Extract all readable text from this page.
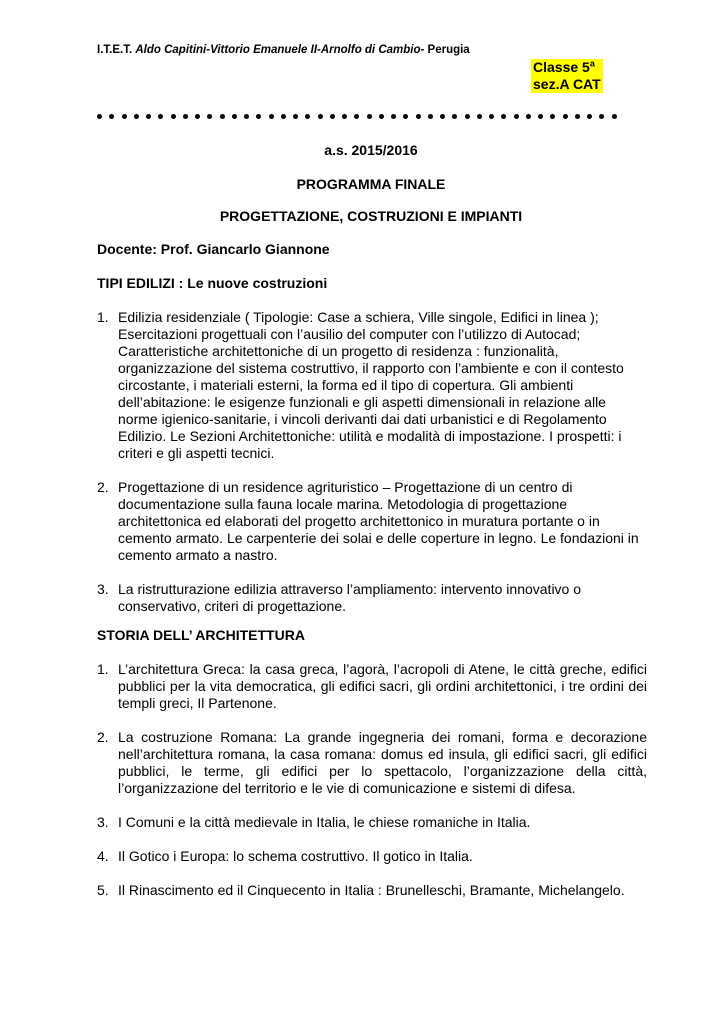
I.T.E.T. Aldo Capitini-Vittorio Emanuele II-Arnolfo di Cambio- Perugia
Classe 5$^a$
sez.A CAT
a.s. 2015/2016
PROGRAMMA FINALE
PROGETTAZIONE, COSTRUZIONI E IMPIANTI
Docente: Prof. Giancarlo Giannone
TIPI EDILIZI : Le nuove costruzioni
1. Edilizia residenziale ( Tipologie: Case a schiera, Ville singole, Edifici in linea ); Esercitazioni progettuali con l’ausilio del computer con l’utilizzo di Autocad; Caratteristiche architettoniche di un progetto di residenza : funzionalità, organizzazione del sistema costruttivo, il rapporto con l’ambiente e con il contesto circostante, i materiali esterni, la forma ed il tipo di copertura. Gli ambienti dell’abitazione: le esigenze funzionali e gli aspetti dimensionali in relazione alle norme igienico-sanitarie, i vincoli derivanti dai dati urbanistici e di Regolamento Edilizio. Le Sezioni Architettoniche: utilità e modalità di impostazione. I prospetti: i criteri e gli aspetti tecnici.
2. Progettazione di un residence agrituristico – Progettazione di un centro di documentazione sulla fauna locale marina. Metodologia di progettazione architettonica ed elaborati del progetto architettonico in muratura portante o in cemento armato. Le carpenterie dei solai e delle coperture in legno. Le fondazioni in cemento armato a nastro.
3. La ristrutturazione edilizia attraverso l’ampliamento: intervento innovativo o conservativo, criteri di progettazione.
STORIA DELL’ ARCHITETTURA
1. L’architettura Greca: la casa greca, l’agorà, l’acropoli di Atene, le città greche, edifici pubblici per la vita democratica, gli edifici sacri, gli ordini architettonici, i tre ordini dei templi greci, Il Partenone.
2. La costruzione Romana: La grande ingegneria dei romani, forma e decorazione nell’architettura romana, la casa romana: domus ed insula, gli edifici sacri, gli edifici pubblici, le terme, gli edifici per lo spettacolo, l’organizzazione della città, l’organizzazione del territorio e le vie di comunicazione e sistemi di difesa.
3. I Comuni e la città medievale in Italia, le chiese romaniche in Italia.
4. Il Gotico i Europa: lo schema costruttivo. Il gotico in Italia.
5. Il Rinascimento ed il Cinquecento in Italia : Brunelleschi, Bramante, Michelangelo.
